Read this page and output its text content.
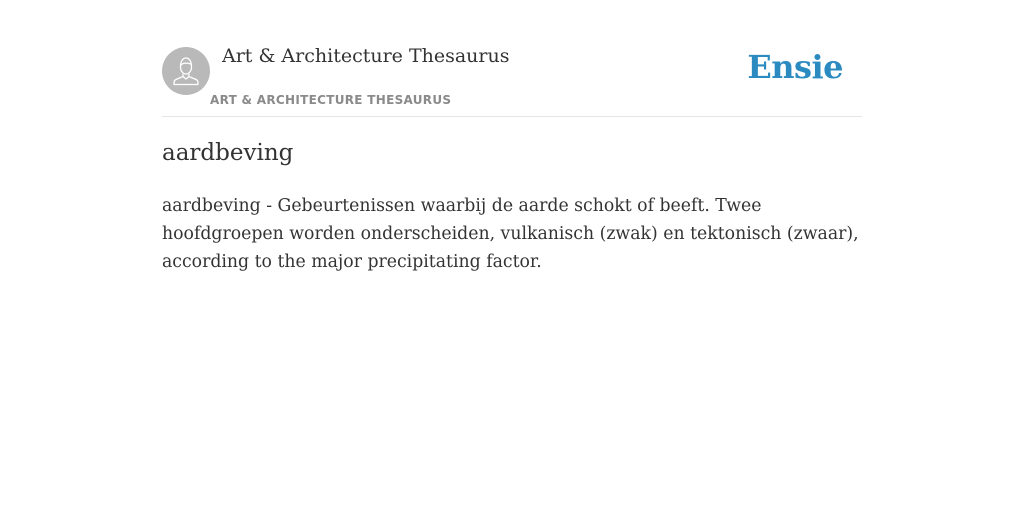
Art & Architecture Thesaurus
ART & ARCHITECTURE THESAURUS
Ensie
aardbeving

aardbeving - Gebeurtenissen waarbij de aarde schokt of beeft. Twee hoofdgroepen worden onderscheiden, vulkanisch (zwak) en tektonisch (zwaar), according to the major precipitating factor.
